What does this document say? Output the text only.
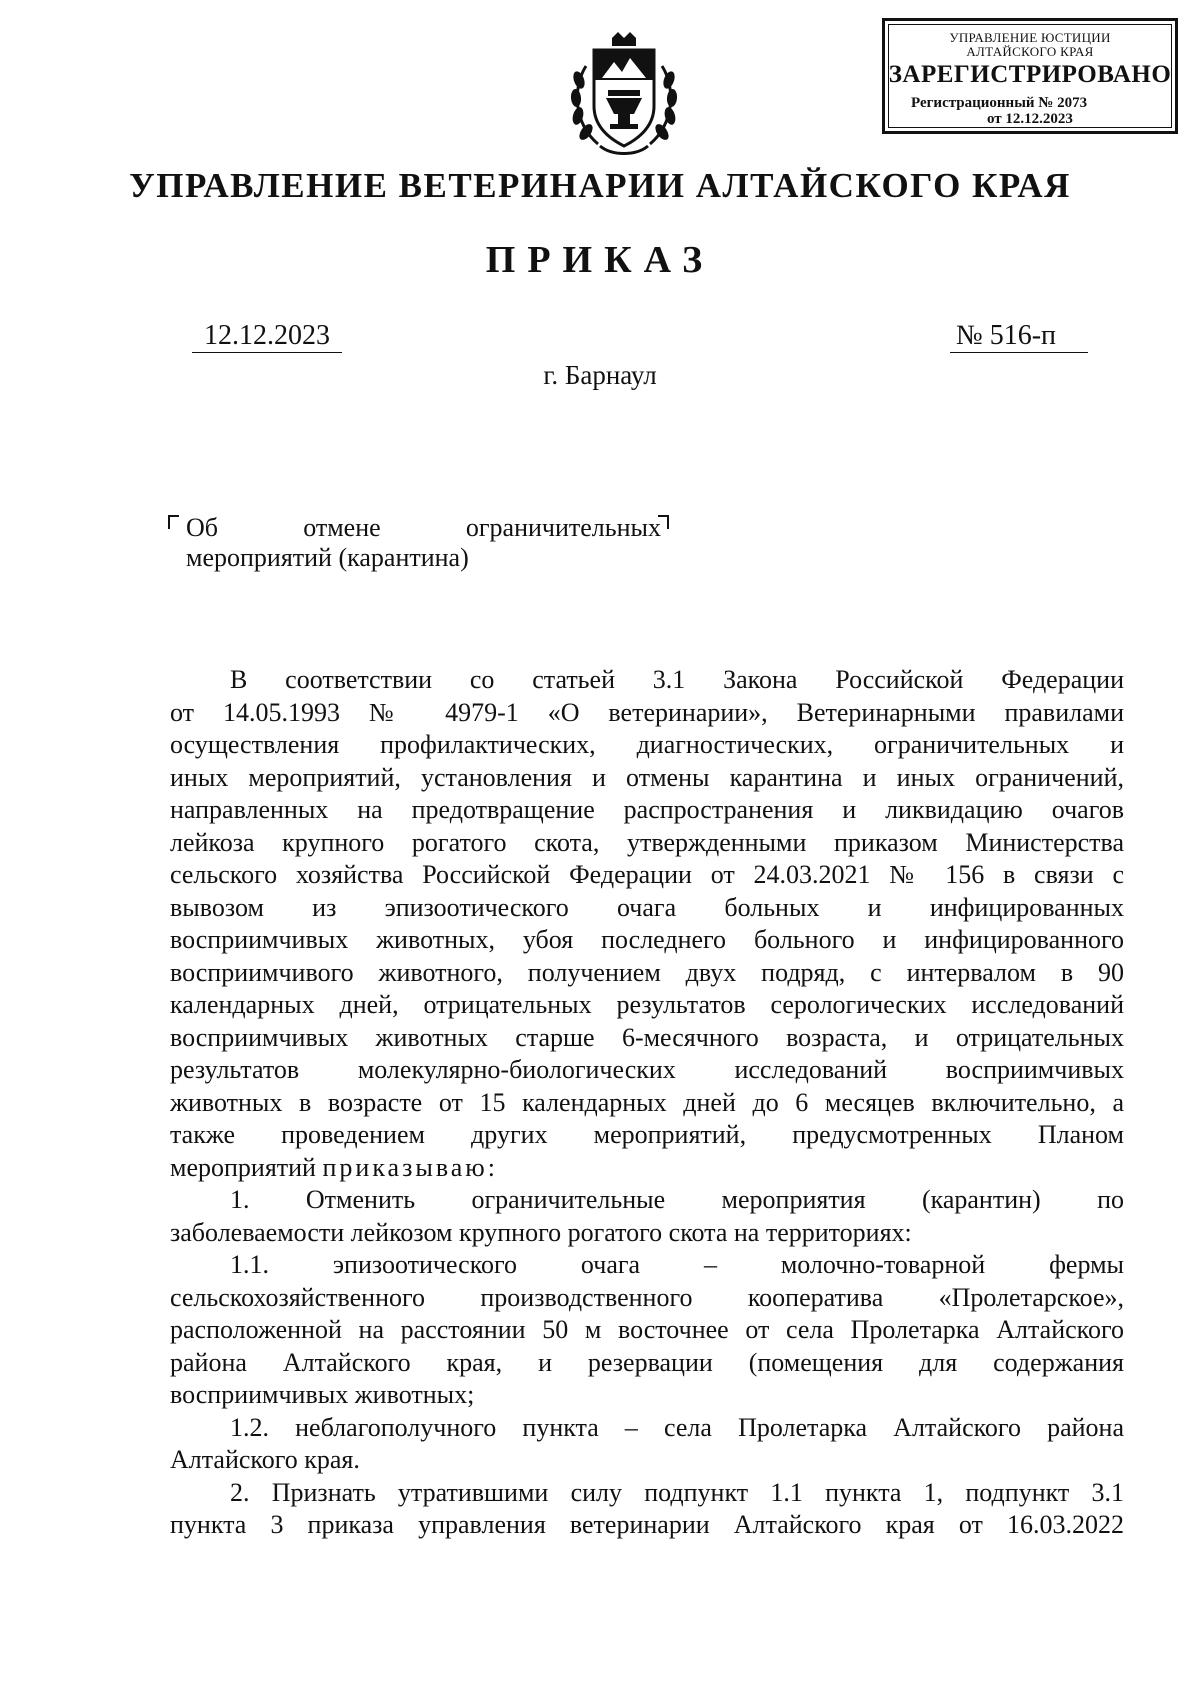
УПРАВЛЕНИЕ ЮСТИЦИИ
АЛТАЙСКОГО КРАЯ
ЗАРЕГИСТРИРОВАНО
Регистрационный № 2073
от 12.12.2023
УПРАВЛЕНИЕ ВЕТЕРИНАРИИ АЛТАЙСКОГО КРАЯ
ПРИКАЗ
12.12.2023	№ 516-п
г. Барнаул
Об	отмене	ограничительных
мероприятий (карантина)
В соответствии со статьей 3.1 Закона Российской Федерации
от 14.05.1993 № 4979-1 «О ветеринарии», Ветеринарными правилами
осуществления профилактических, диагностических, ограничительных и
иных мероприятий, установления и отмены карантина и иных ограничений,
направленных на предотвращение распространения и ликвидацию очагов
лейкоза крупного рогатого скота, утвержденными приказом Министерства
сельского хозяйства Российской Федерации от 24.03.2021 № 156 в связи с
вывозом из эпизоотического очага больных и инфицированных
восприимчивых животных, убоя последнего больного и инфицированного
восприимчивого животного, получением двух подряд, с интервалом в 90
календарных дней, отрицательных результатов серологических исследований
восприимчивых животных старше 6-месячного возраста, и отрицательных
результатов молекулярно-биологических исследований восприимчивых
животных в возрасте от 15 календарных дней до 6 месяцев включительно, а
также проведением других мероприятий, предусмотренных Планом
мероприятий приказываю:
1. Отменить ограничительные мероприятия (карантин) по
заболеваемости лейкозом крупного рогатого скота на территориях:
1.1. эпизоотического очага – молочно-товарной фермы
сельскохозяйственного производственного кооператива «Пролетарское»,
расположенной на расстоянии 50 м восточнее от села Пролетарка Алтайского
района Алтайского края, и резервации (помещения для содержания
восприимчивых животных;
1.2. неблагополучного пункта – села Пролетарка Алтайского района
Алтайского края.
2. Признать утратившими силу подпункт 1.1 пункта 1, подпункт 3.1
пункта 3 приказа управления ветеринарии Алтайского края от 16.03.2022
